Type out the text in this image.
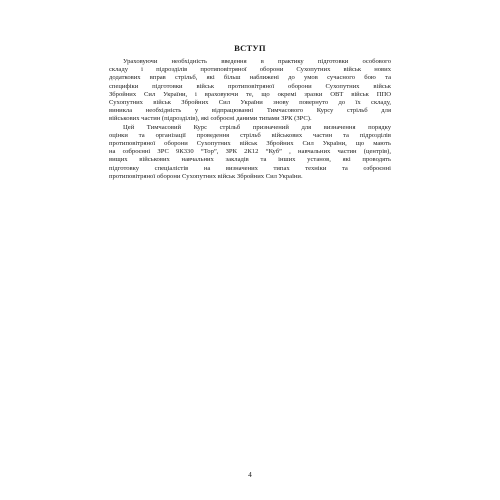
ВСТУП

Ураховуючи необхідність введення в практику підготовки особового
складу і підрозділів протиповітряної оборони Сухопутних військ нових
додаткових вправ стрільб, які більш наближені до умов сучасного бою та
специфіки підготовки військ протиповітряної оборони Сухопутних військ
Збройних Сил України, і враховуючи те, що окремі зразки ОВТ військ ППО
Сухопутних військ Збройних Сил України знову повернуто до їх складу,
виникла необхідність у відпрацюванні Тимчасового Курсу стрільб для
військових частин (підрозділів), які озброєні даними типами ЗРК (ЗРС).

Цей Тимчасовий Курс стрільб призначений для визначення порядку
оцінки та організації проведення стрільб військових частин та підрозділів
протиповітряної оборони Сухопутних військ Збройних Сил України, що мають
на озброєнні ЗРС 9К330 “Тор”, ЗРК 2К12 “Куб” , навчальних частин (центрів),
вищих військових навчальних закладів та інших установ, які проводять
підготовку спеціалістів на визначених типах техніки та озброєнні
протиповітряної оборони Сухопутних військ Збройних Сил України.

4
